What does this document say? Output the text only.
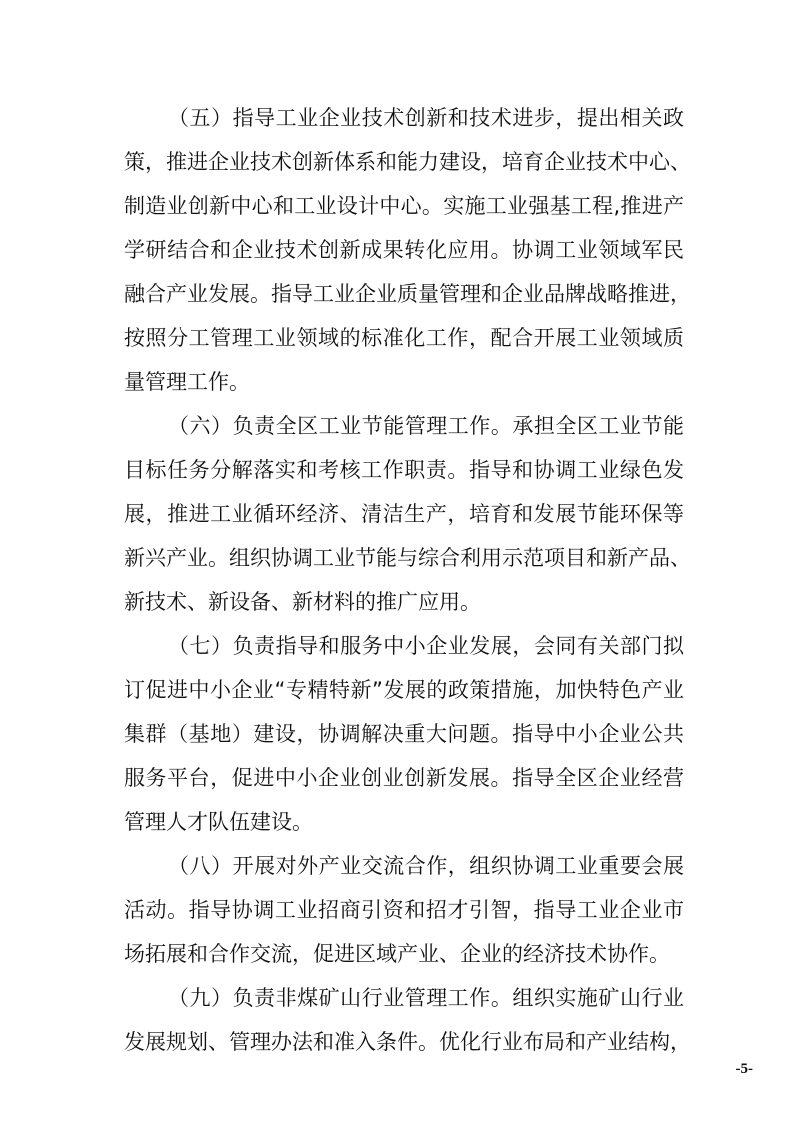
（五）指导工业企业技术创新和技术进步，提出相关政
策，推进企业技术创新体系和能力建设，培育企业技术中心、
制造业创新中心和工业设计中心。实施工业强基工程,推进产
学研结合和企业技术创新成果转化应用。协调工业领域军民
融合产业发展。指导工业企业质量管理和企业品牌战略推进，
按照分工管理工业领域的标准化工作，配合开展工业领域质
量管理工作。
（六）负责全区工业节能管理工作。承担全区工业节能
目标任务分解落实和考核工作职责。指导和协调工业绿色发
展，推进工业循环经济、清洁生产，培育和发展节能环保等
新兴产业。组织协调工业节能与综合利用示范项目和新产品、
新技术、新设备、新材料的推广应用。
（七）负责指导和服务中小企业发展，会同有关部门拟
订促进中小企业“专精特新”发展的政策措施，加快特色产业
集群（基地）建设，协调解决重大问题。指导中小企业公共
服务平台，促进中小企业创业创新发展。指导全区企业经营
管理人才队伍建设。
（八）开展对外产业交流合作，组织协调工业重要会展
活动。指导协调工业招商引资和招才引智，指导工业企业市
场拓展和合作交流，促进区域产业、企业的经济技术协作。
（九）负责非煤矿山行业管理工作。组织实施矿山行业
发展规划、管理办法和准入条件。优化行业布局和产业结构，
-5-
